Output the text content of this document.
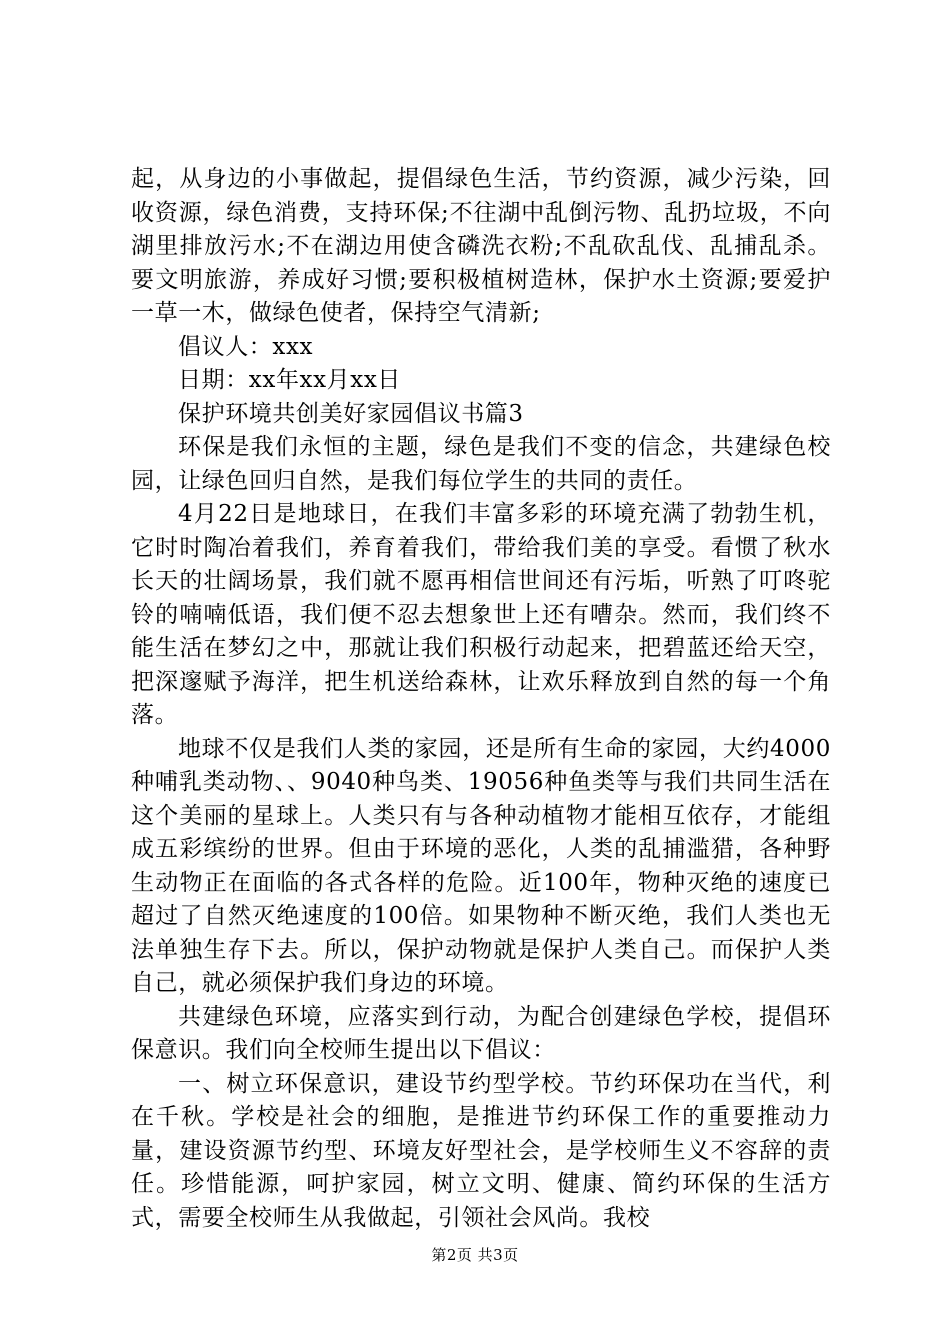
起，从身边的小事做起，提倡绿色生活，节约资源，减少污染，回收资源，绿色消费，支持环保;不往湖中乱倒污物、乱扔垃圾，不向湖里排放污水;不在湖边用使含磷洗衣粉;不乱砍乱伐、乱捕乱杀。要文明旅游，养成好习惯;要积极植树造林，保护水土资源;要爱护一草一木，做绿色使者，保持空气清新;

倡议人：xxx

日期：xx年xx月xx日

保护环境共创美好家园倡议书篇3

环保是我们永恒的主题，绿色是我们不变的信念，共建绿色校园，让绿色回归自然，是我们每位学生的共同的责任。

4月22日是地球日，在我们丰富多彩的环境充满了勃勃生机，它时时陶冶着我们，养育着我们，带给我们美的享受。看惯了秋水长天的壮阔场景，我们就不愿再相信世间还有污垢，听熟了叮咚驼铃的喃喃低语，我们便不忍去想象世上还有嘈杂。然而，我们终不能生活在梦幻之中，那就让我们积极行动起来，把碧蓝还给天空，把深邃赋予海洋，把生机送给森林，让欢乐释放到自然的每一个角落。

地球不仅是我们人类的家园，还是所有生命的家园，大约4000种哺乳类动物、、9040种鸟类、19056种鱼类等与我们共同生活在这个美丽的星球上。人类只有与各种动植物才能相互依存，才能组成五彩缤纷的世界。但由于环境的恶化，人类的乱捕滥猎，各种野生动物正在面临的各式各样的危险。近100年，物种灭绝的速度已超过了自然灭绝速度的100倍。如果物种不断灭绝，我们人类也无法单独生存下去。所以，保护动物就是保护人类自己。而保护人类自己，就必须保护我们身边的环境。

共建绿色环境，应落实到行动，为配合创建绿色学校，提倡环保意识。我们向全校师生提出以下倡议：

一、树立环保意识，建设节约型学校。节约环保功在当代，利在千秋。学校是社会的细胞，是推进节约环保工作的重要推动力量，建设资源节约型、环境友好型社会，是学校师生义不容辞的责任。珍惜能源，呵护家园，树立文明、健康、简约环保的生活方式，需要全校师生从我做起，引领社会风尚。我校

第2页 共3页
